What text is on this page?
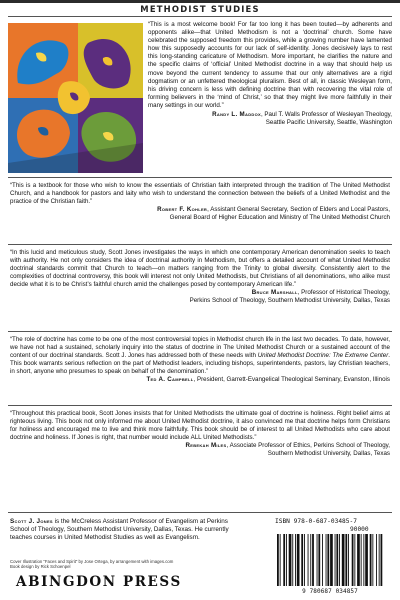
METHODIST STUDIES

“This is a most welcome book! For far too long it has been touted—by adherents and opponents alike—that United Methodism is not a ‘doctrinal’ church. Some have celebrated the supposed freedom this provides, while a growing number have lamented how this supposedly accounts for our lack of self-identity. Jones decisively lays to rest this long-standing caricature of Methodism. More important, he clarifies the nature and the specific claims of ‘official’ United Methodist doctrine in a way that should help us move beyond the current tendency to assume that our only alternatives are a rigid dogmatism or an unfettered theological pluralism. Best of all, in classic Wesleyan form, his driving concern is less with defining doctrine than with recovering the vital role of forming believers in the ‘mind of Christ,’ so that they might live more faithfully in their many settings in our world.”

Randy L. Maddox, Paul T. Walls Professor of Wesleyan Theology,
Seattle Pacific University, Seattle, Washington

“This is a textbook for those who wish to know the essentials of Christian faith interpreted through the tradition of The United Methodist Church, and a handbook for pastors and laity who wish to understand the connection between the beliefs of a United Methodist and the practice of the Christian faith.”

Robert F. Kohler, Assistant General Secretary, Section of Elders and Local Pastors,
General Board of Higher Education and Ministry of The United Methodist Church

“In this lucid and meticulous study, Scott Jones investigates the ways in which one contemporary American denomination seeks to teach with authority. He not only considers the idea of doctrinal authority in Methodism, but offers a detailed account of what United Methodist doctrinal standards commit that Church to teach—on matters ranging from the Trinity to global diversity. Consistently alert to the complexities of doctrinal controversy, this book will interest not only United Methodists, but Christians of all denominations, who alike must decide what it is to be Christ’s faithful church amid the challenges posed by contemporary American life.”

Bruce Marshall, Professor of Historical Theology,
Perkins School of Theology, Southern Methodist University, Dallas, Texas

“The role of doctrine has come to be one of the most controversial topics in Methodist church life in the last two decades. To date, however, we have not had a sustained, scholarly inquiry into the status of doctrine in The United Methodist Church or a sustained account of the content of our doctrinal standards. Scott J. Jones has addressed both of these needs with United Methodist Doctrine: The Extreme Center. This book warrants serious reflection on the part of Methodist leaders, including bishops, superintendents, pastors, lay Christian teachers, in short, anyone who presumes to speak on behalf of the denomination.”

Ted A. Campbell, President, Garrett-Evangelical Theological Seminary, Evanston, Illinois

“Throughout this practical book, Scott Jones insists that for United Methodists the ultimate goal of doctrine is holiness. Right belief aims at righteous living. This book not only informed me about United Methodist doctrine, it also convinced me that doctrine helps form Christians for holiness and encouraged me to live and think more faithfully. This book should be of interest to all United Methodists who care about doctrine and holiness. If Jones is right, that number would include ALL United Methodists.”

Rebekah Miles, Associate Professor of Ethics, Perkins School of Theology,
Southern Methodist University, Dallas, Texas
Scott J. Jones is the McCreless Assistant Professor of Evangelism at Perkins School of Theology, Southern Methodist University, Dallas, Texas. He currently teaches courses in United Methodist Studies as well as Evangelism.
Cover Illustration “Faces and Spirit” by Jose Ortega, by arrangement with images.com
Book design by Rick Schoenpel
ABINGDON PRESS
ISBN 978-0-687-03485-7
90000
9 780687 034857
